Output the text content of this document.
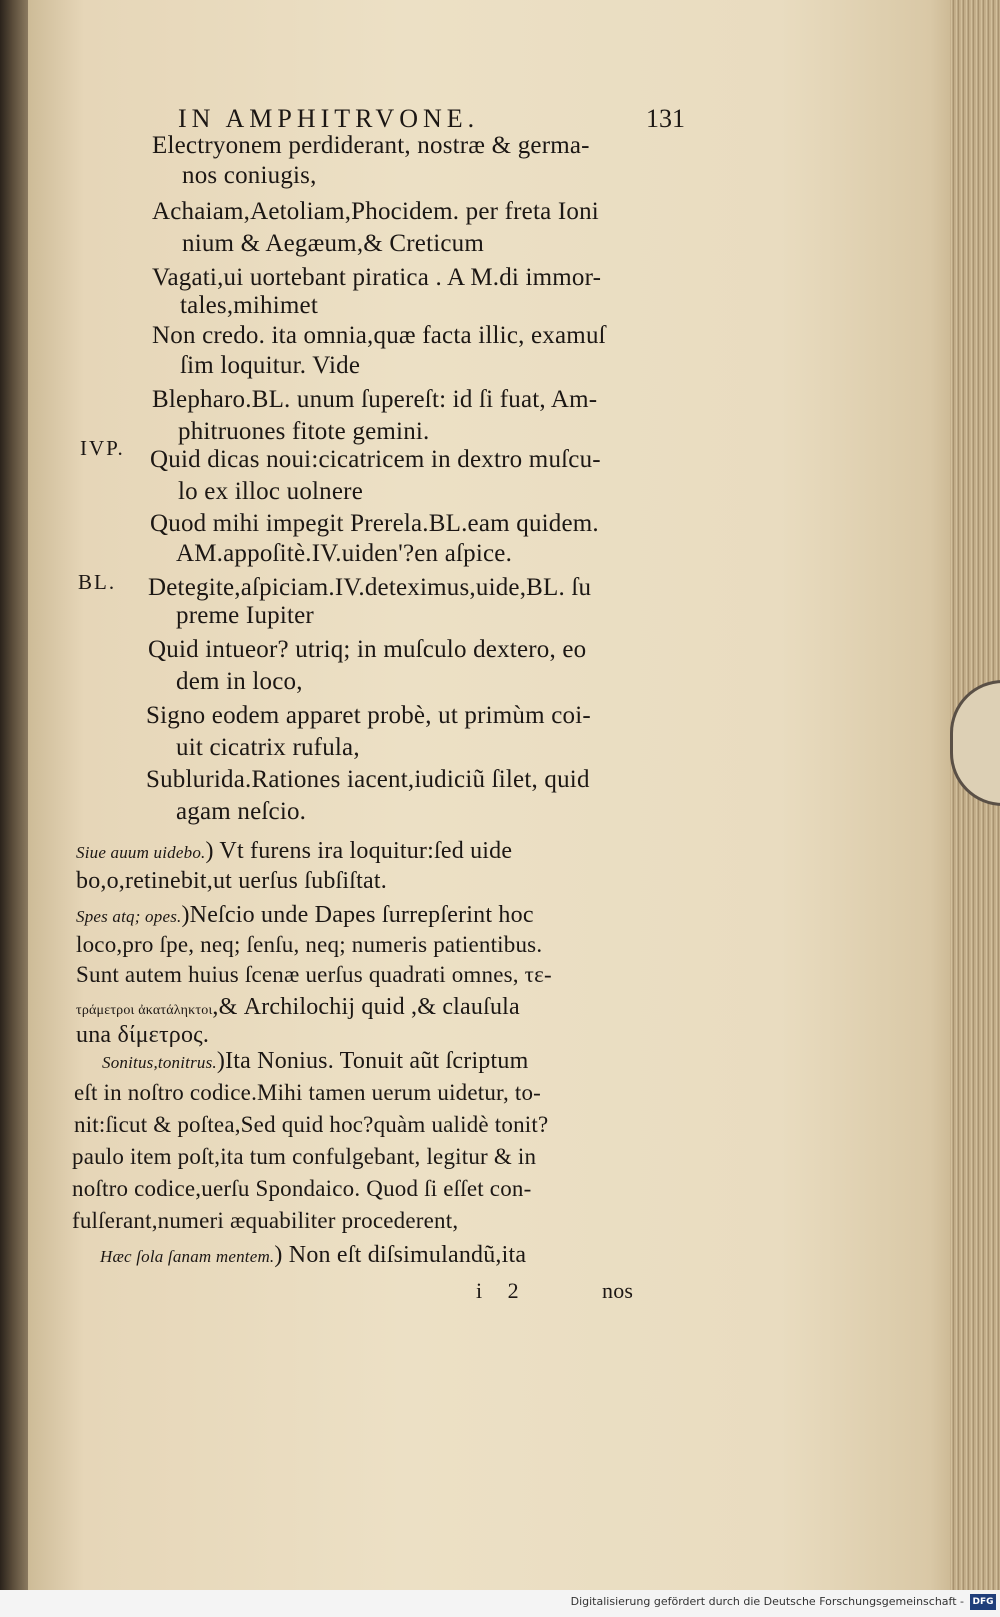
IN AMPHITRVONE.	131
Electryonem perdiderant, nostræ & germa-
nos coniugis,
Achaiam,Aetoliam,Phocidem. per freta Ioni
nium & Aegæum,& Creticum
Vagati,ui uortebant piratica . A M.di immor-
tales,mihimet
Non credo. ita omnia,quæ facta illic, examuſ
ſim loquitur. Vide
Blepharo.BL. unum ſupereſt: id ſi fuat, Am-
phitruones fitote gemini.
IVP. Quid dicas noui:cicatricem in dextro muſcu-
lo ex illoc uolnere
Quod mihi impegit Prerela.BL.eam quidem.
AM.appoſitè.IV.uiden'?en aſpice.
BL. Detegite,aſpiciam.IV.deteximus,uide,BL. ſu
preme Iupiter
Quid intueor? utriq; in muſculo dextero, eo
dem in loco,
Signo eodem apparet probè, ut primùm coi-
uit cicatrix rufula,
Sublurida.Rationes iacent,iudiciũ ſilet, quid
agam neſcio.
Siue auum uidebo.) Vt furens ira loquitur:ſed uide
bo,o,retinebit,ut uerſus ſubſiſtat.
Spes atq; opes.)Neſcio unde Dapes ſurrepſerint hoc
loco,pro ſpe, neq; ſenſu, neq; numeris patientibus.
Sunt autem huius ſcenæ uerſus quadrati omnes, τε-
τράμετροι ἀκατάληκτοι,& Archilochij quid ,& clauſula
una δίμετρος.
Sonitus,tonitrus.)Ita Nonius. Tonuit aũt ſcriptum
eſt in noſtro codice.Mihi tamen uerum uidetur, to-
nit:ſicut & poſtea,Sed quid hoc?quàm ualidè tonit?
paulo item poſt,ita tum confulgebant, legitur & in
noſtro codice,uerſu Spondaico. Quod ſi eſſet con-
fulſerant,numeri æquabiliter procederent,
Hæc ſola ſanam mentem.) Non eſt diſsimulandũ,ita
i 2	nos
Digitalisierung gefördert durch die Deutsche Forschungsgemeinschaft - DFG
